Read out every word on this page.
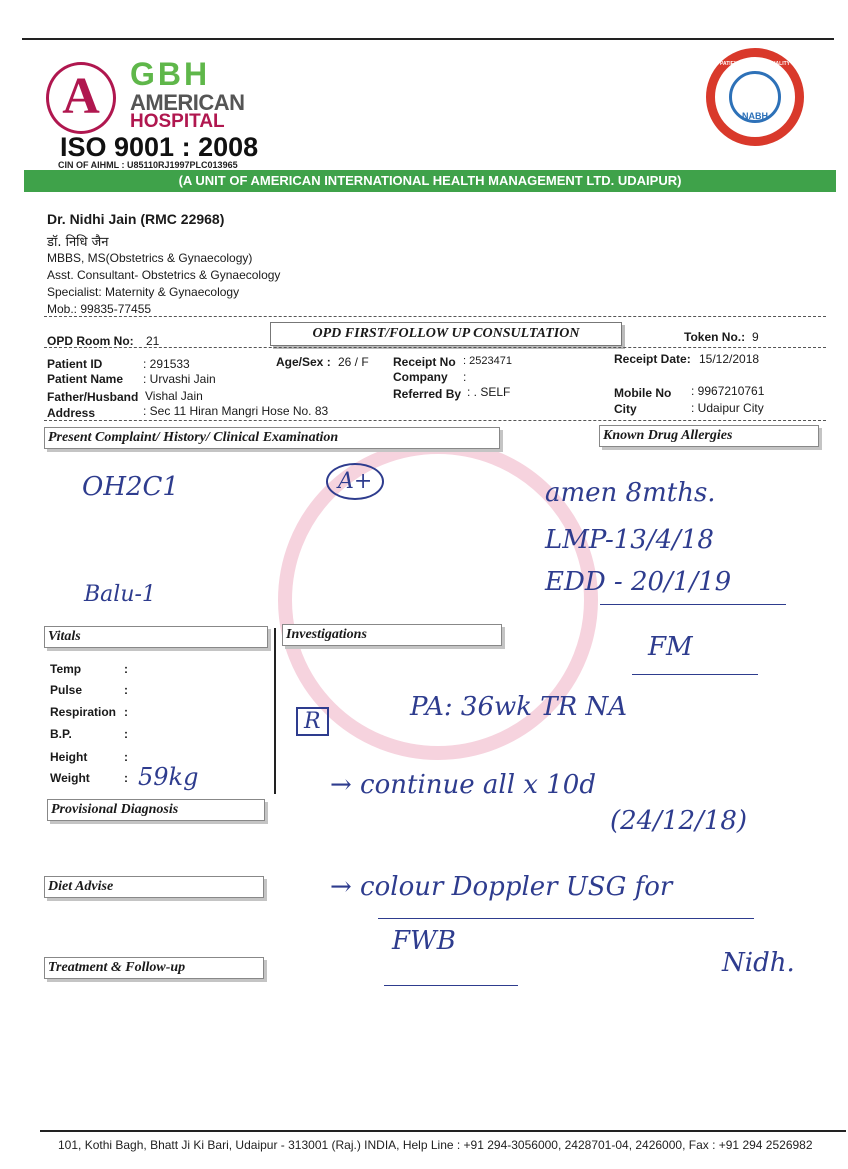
A GBH
AMERICAN
HOSPITAL
ISO 9001 : 2008
CIN OF AIHML : U85110RJ1997PLC013965
PATIENT SAFETY & QUALITY OF CARE
NABH
(A UNIT OF AMERICAN INTERNATIONAL HEALTH MANAGEMENT LTD. UDAIPUR)
Dr. Nidhi Jain (RMC 22968)
डॉ. निधि जैन
MBBS, MS(Obstetrics & Gynaecology)
Asst. Consultant- Obstetrics & Gynaecology
Specialist: Maternity & Gynaecology
Mob.: 99835-77455
OPD Room No: 21	OPD FIRST/FOLLOW UP CONSULTATION	Token No.: 9
Patient ID	: 291533
Patient Name : Urvashi Jain
Father/Husband Vishal Jain
Address	: Sec 11 Hiran Mangri Hose No. 83
Age/Sex : 26 / F Receipt No : 2523471
Company :
Referred By : . SELF
Receipt Date: 15/12/2018
Mobile No : 9967210761
City	: Udaipur City
Present Complaint/ History/ Clinical Examination	Known Drug Allergies
Vitals	Investigations
Provisional Diagnosis
Diet Advise
Treatment & Follow-up
Temp	:
Pulse	:
Respiration :
B.P.	:
Height	:
Weight	:
OH2C1	A+	amen 8mths.
LMP-13/4/18
EDD - 20/1/19
Balu-1
FM
R	PA: 36wk TR NA
59kg	→ continue all x 10d
(24/12/18)
→ colour Doppler USG for
FWB
Nidh.
101, Kothi Bagh, Bhatt Ji Ki Bari, Udaipur - 313001 (Raj.) INDIA, Help Line : +91 294-3056000, 2428701-04, 2426000, Fax : +91 294 2526982
